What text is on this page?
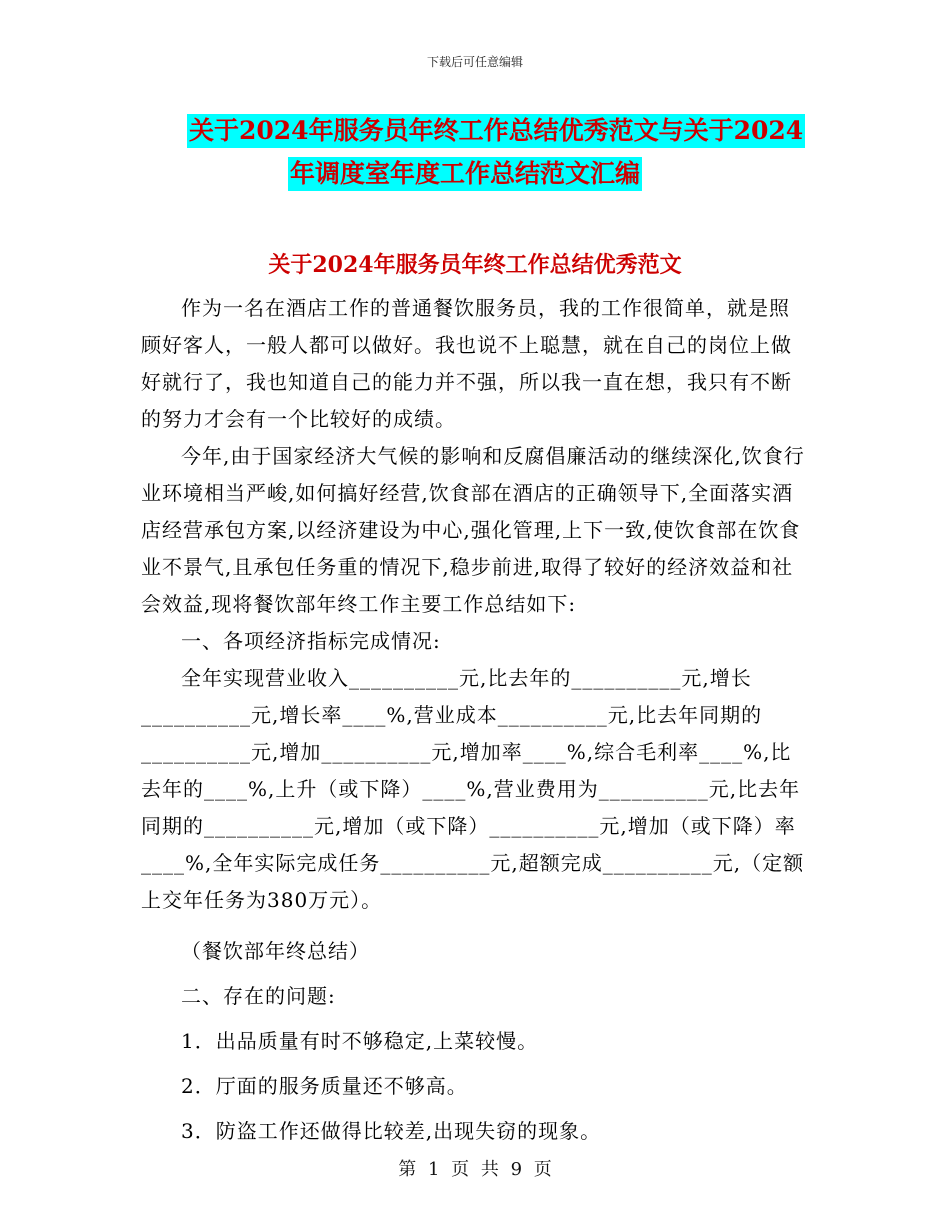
下载后可任意编辑
关于2024年服务员年终工作总结优秀范文与关于2024
年调度室年度工作总结范文汇编
关于2024年服务员年终工作总结优秀范文

作为一名在酒店工作的普通餐饮服务员，我的工作很简单，就是照顾好客人，一般人都可以做好。我也说不上聪慧，就在自己的岗位上做好就行了，我也知道自己的能力并不强，所以我一直在想，我只有不断的努力才会有一个比较好的成绩。

今年,由于国家经济大气候的影响和反腐倡廉活动的继续深化,饮食行业环境相当严峻,如何搞好经营,饮食部在酒店的正确领导下,全面落实酒店经营承包方案,以经济建设为中心,强化管理,上下一致,使饮食部在饮食业不景气,且承包任务重的情况下,稳步前进,取得了较好的经济效益和社会效益,现将餐饮部年终工作主要工作总结如下:

一、各项经济指标完成情况:

全年实现营业收入__________元,比去年的__________元,增长__________元,增长率____%,营业成本__________元,比去年同期的__________元,增加__________元,增加率____%,综合毛利率____%,比去年的____%,上升（或下降）____%,营业费用为__________元,比去年同期的__________元,增加（或下降）__________元,增加（或下降）率____%,全年实际完成任务__________元,超额完成__________元,（定额上交年任务为380万元）。

（餐饮部年终总结）

二、存在的问题:

1．出品质量有时不够稳定,上菜较慢。

2．厅面的服务质量还不够高。

3．防盗工作还做得比较差,出现失窃的现象。

第 1 页 共 9 页
